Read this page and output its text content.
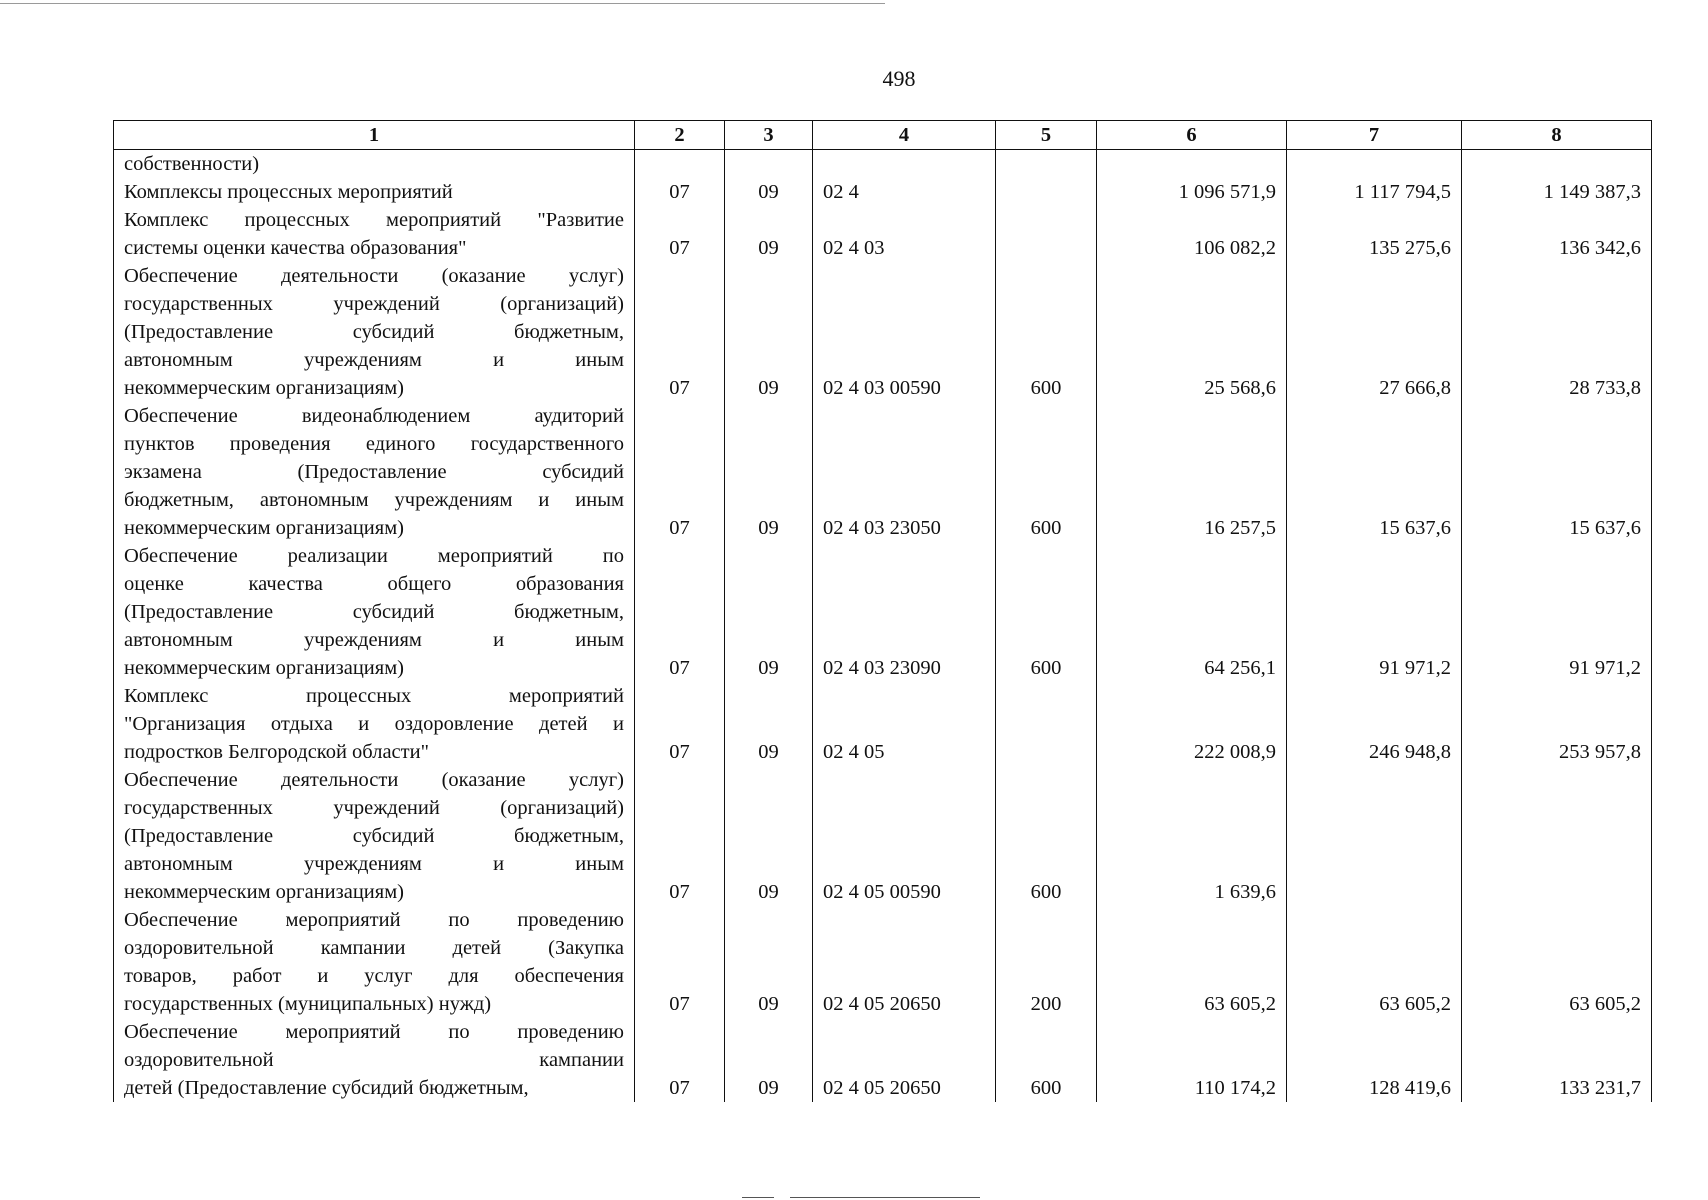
498
1	2	3	4	5	6	7	8

собственности)							

Комплексы процессных мероприятий	07	09	02 4		1 096 571,9	1 117 794,5	1 149 387,3

Комплекс процессных мероприятий "Развитие
системы оценки качества образования"	07	09	02 4 03		106 082,2	135 275,6	136 342,6

Обеспечение деятельности (оказание услуг)
государственных учреждений (организаций)
(Предоставление субсидий бюджетным,
автономным учреждениям и иным
некоммерческим организациям)	07	09	02 4 03 00590	600	25 568,6	27 666,8	28 733,8

Обеспечение видеонаблюдением аудиторий
пунктов проведения единого государственного
экзамена (Предоставление субсидий
бюджетным, автономным учреждениям и иным
некоммерческим организациям)	07	09	02 4 03 23050	600	16 257,5	15 637,6	15 637,6

Обеспечение реализации мероприятий по
оценке качества общего образования
(Предоставление субсидий бюджетным,
автономным учреждениям и иным
некоммерческим организациям)	07	09	02 4 03 23090	600	64 256,1	91 971,2	91 971,2

Комплекс процессных мероприятий
"Организация отдыха и оздоровление детей и
подростков Белгородской области"	07	09	02 4 05		222 008,9	246 948,8	253 957,8

Обеспечение деятельности (оказание услуг)
государственных учреждений (организаций)
(Предоставление субсидий бюджетным,
автономным учреждениям и иным
некоммерческим организациям)	07	09	02 4 05 00590	600	1 639,6		

Обеспечение мероприятий по проведению
оздоровительной кампании детей (Закупка
товаров, работ и услуг для обеспечения
государственных (муниципальных) нужд)	07	09	02 4 05 20650	200	63 605,2	63 605,2	63 605,2

Обеспечение мероприятий по проведению
оздоровительной кампании
детей (Предоставление субсидий бюджетным,	07	09	02 4 05 20650	600	110 174,2	128 419,6	133 231,7
